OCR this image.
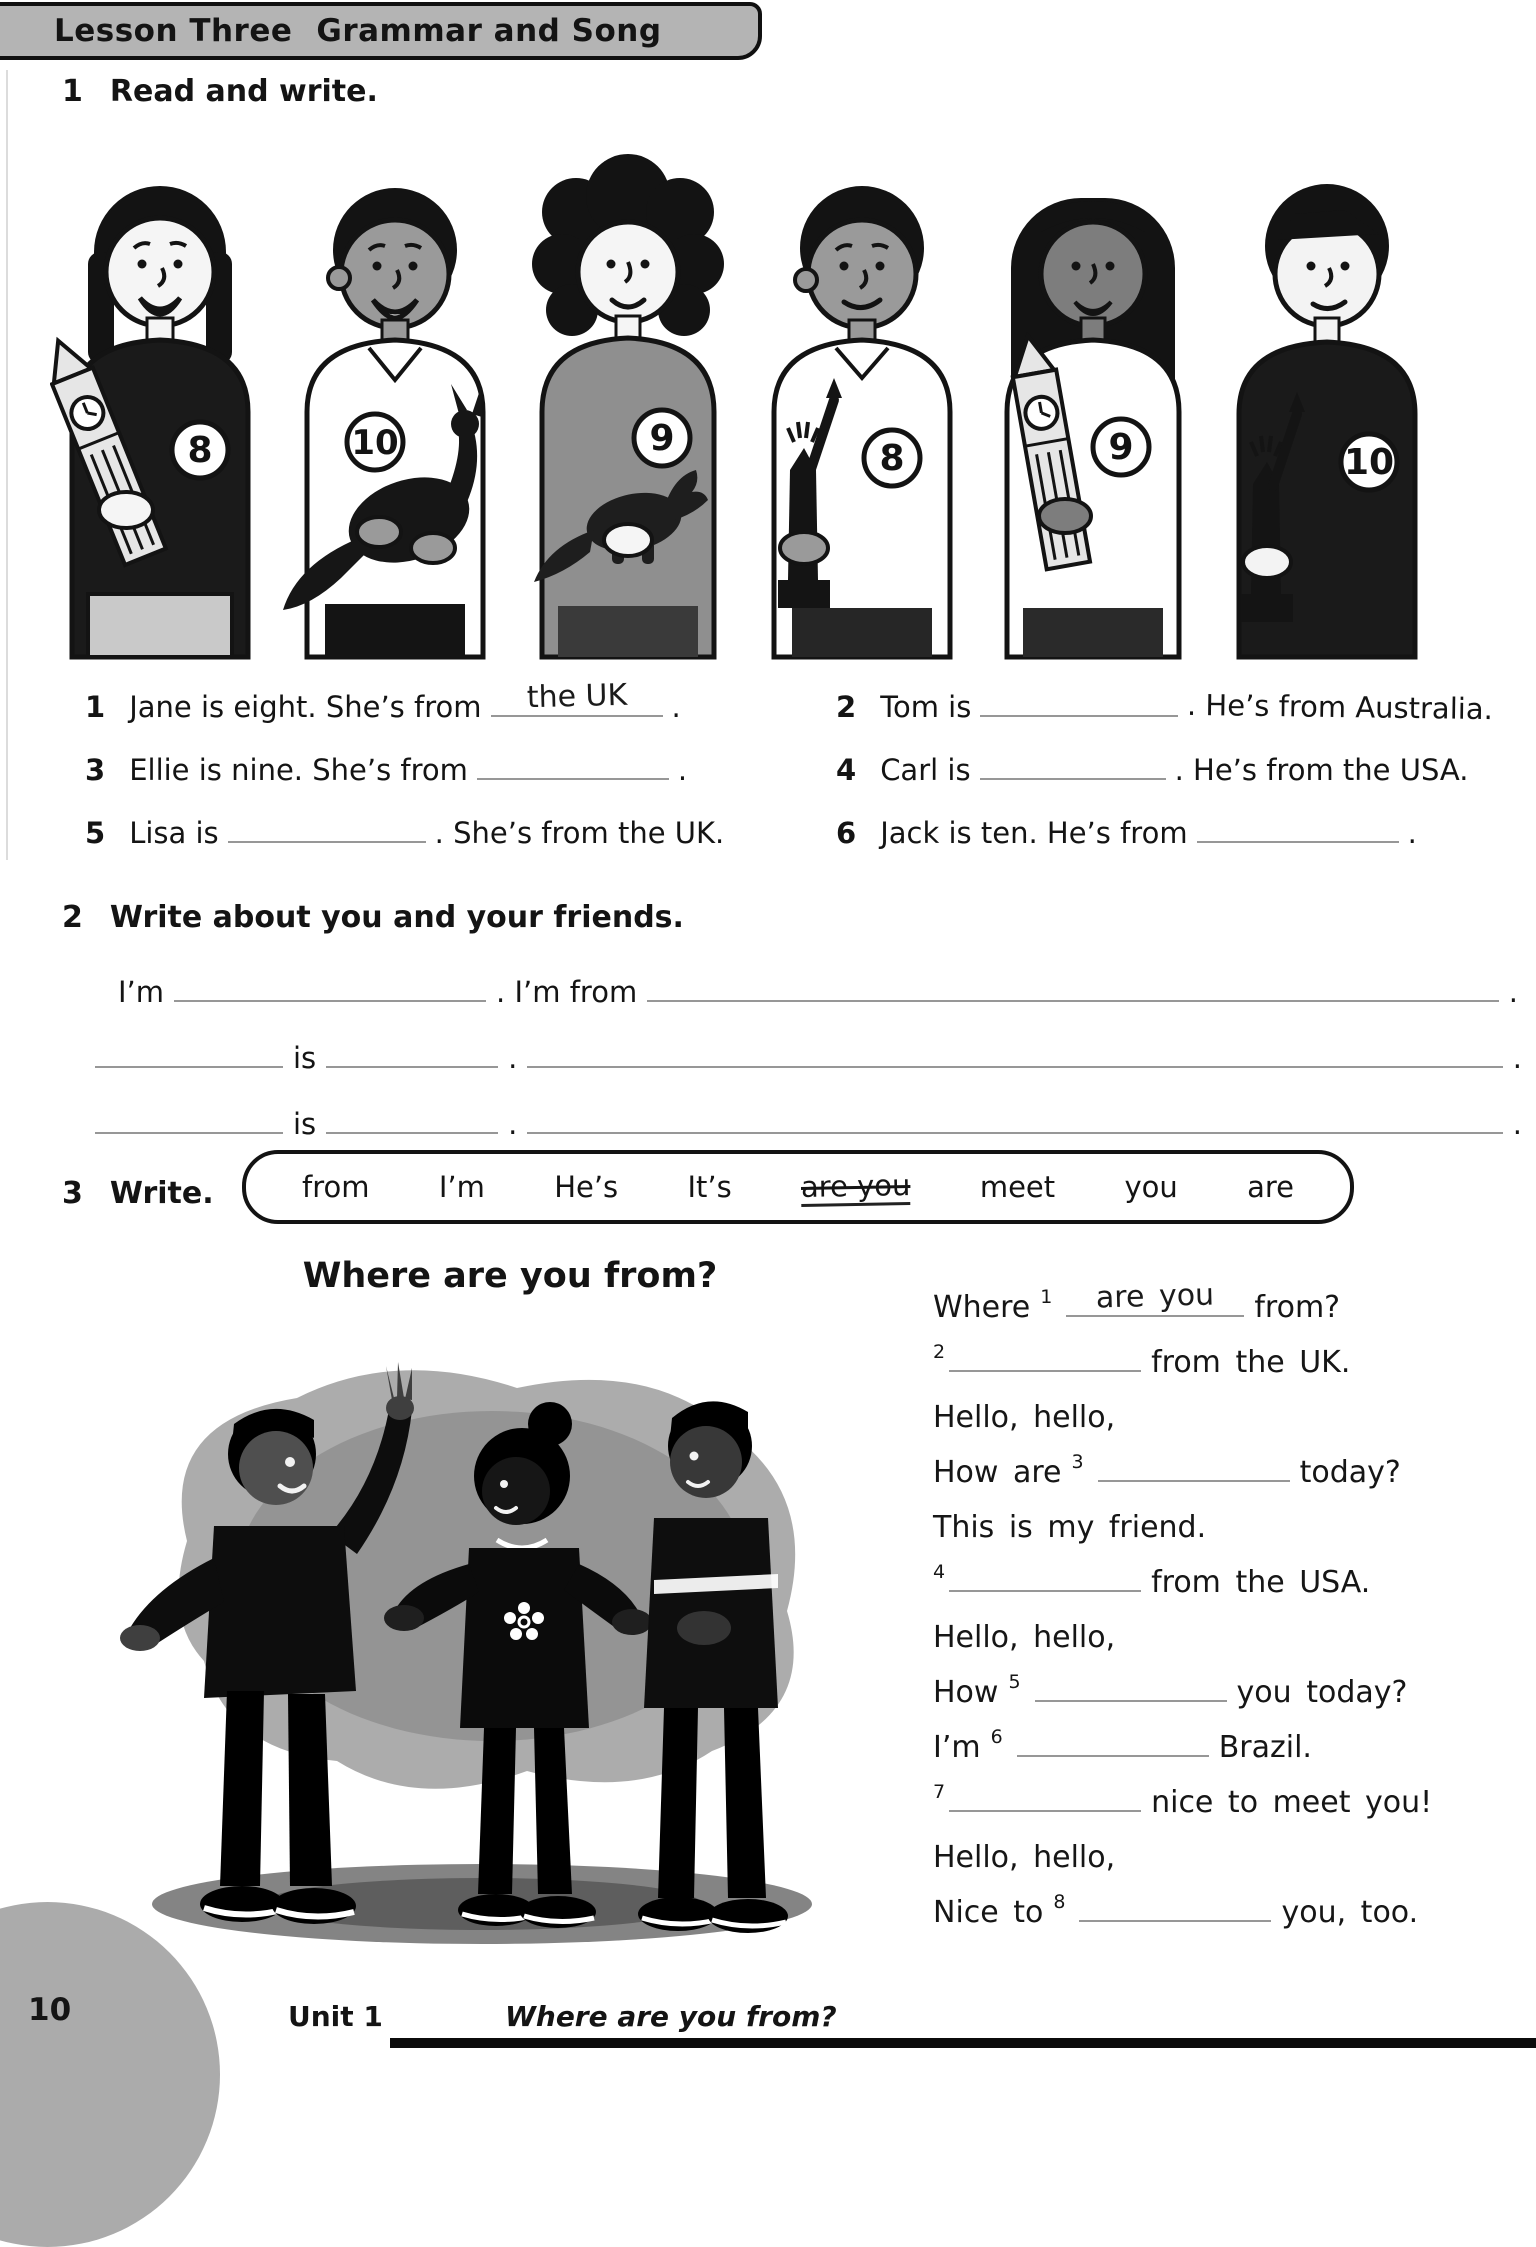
Lesson Three Grammar and Song
1 Read and write.
8	10	9	8	9	10
1 Jane is eight. She’s from	the UK	.	2 Tom is	. He’s from Australia.
3 Ellie is nine. She’s from	.	4 Carl is	. He’s from the USA.
5 Lisa is	. She’s from the UK.	6 Jack is ten. He’s from	.
2 Write about you and your friends.
I’m	. I’m from	.
is	.	.
is	.	.
3 Write.	from I’m He’s It’s are you meet you are
Where are you from?
Where 1	are you	from?
2	from the UK.
Hello, hello,
How are 3	today?
This is my friend.
4	from the USA.
Hello, hello,
How 5	you today?
I’m 6	Brazil.
7	nice to meet you!
Hello, hello,
Nice to 8	you, too.
10	Unit 1	Where are you from?
